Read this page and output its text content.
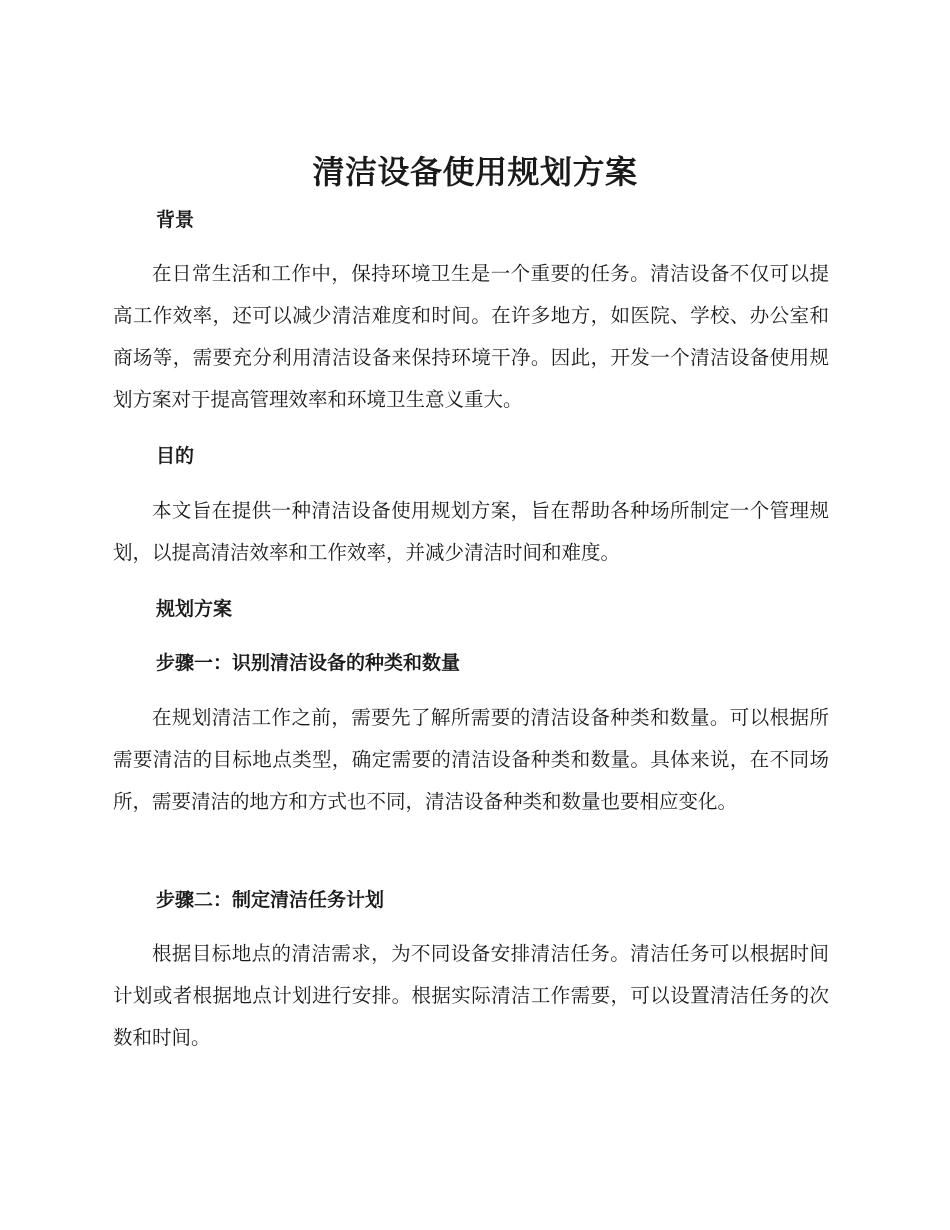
清洁设备使用规划方案
背景

在日常生活和工作中，保持环境卫生是一个重要的任务。清洁设备不仅可以提高工作效率，还可以减少清洁难度和时间。在许多地方，如医院、学校、办公室和商场等，需要充分利用清洁设备来保持环境干净。因此，开发一个清洁设备使用规划方案对于提高管理效率和环境卫生意义重大。

目的

本文旨在提供一种清洁设备使用规划方案，旨在帮助各种场所制定一个管理规划，以提高清洁效率和工作效率，并减少清洁时间和难度。

规划方案
步骤一：识别清洁设备的种类和数量

在规划清洁工作之前，需要先了解所需要的清洁设备种类和数量。可以根据所需要清洁的目标地点类型，确定需要的清洁设备种类和数量。具体来说，在不同场所，需要清洁的地方和方式也不同，清洁设备种类和数量也要相应变化。

步骤二：制定清洁任务计划

根据目标地点的清洁需求，为不同设备安排清洁任务。清洁任务可以根据时间计划或者根据地点计划进行安排。根据实际清洁工作需要，可以设置清洁任务的次数和时间。
